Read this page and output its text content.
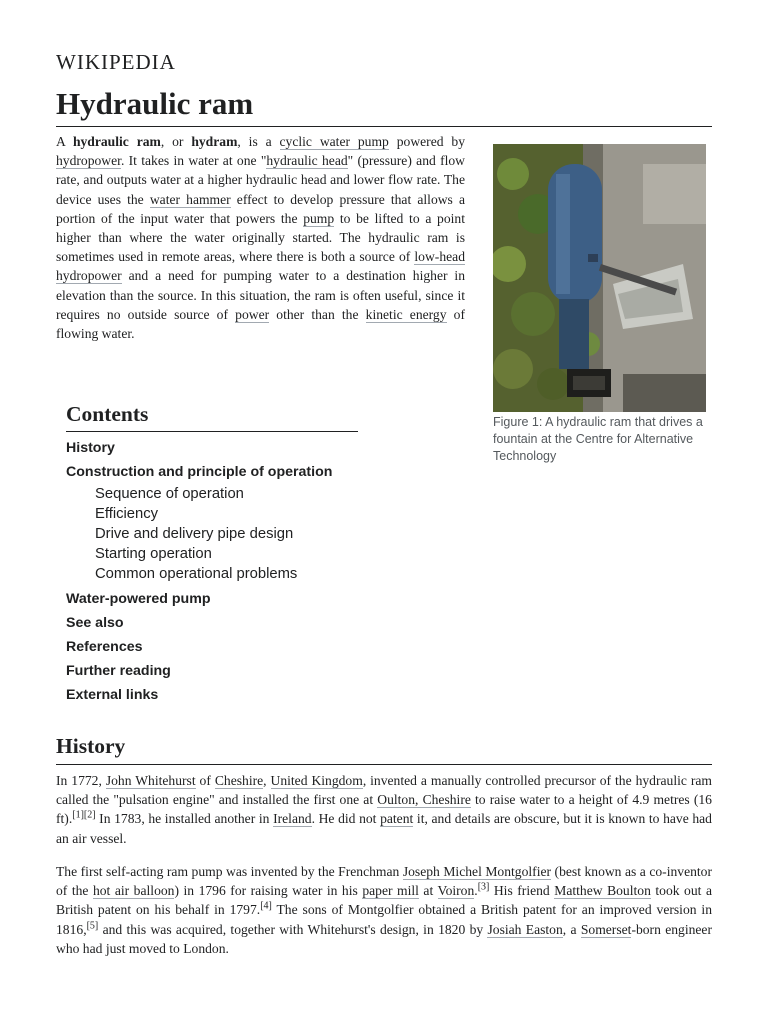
WIKIPEDIA
Hydraulic ram

A hydraulic ram, or hydram, is a cyclic water pump powered by hydropower. It takes in water at one "hydraulic head" (pressure) and flow rate, and outputs water at a higher hydraulic head and lower flow rate. The device uses the water hammer effect to develop pressure that allows a portion of the input water that powers the pump to be lifted to a point higher than where the water originally started. The hydraulic ram is sometimes used in remote areas, where there is both a source of low-head hydropower and a need for pumping water to a destination higher in elevation than the source. In this situation, the ram is often useful, since it requires no outside source of power other than the kinetic energy of flowing water.

Figure 1: A hydraulic ram that drives a fountain at the Centre for Alternative Technology
Contents
History
Construction and principle of operation
Sequence of operation
Efficiency
Drive and delivery pipe design
Starting operation
Common operational problems
Water-powered pump
See also
References
Further reading
External links
History

In 1772, John Whitehurst of Cheshire, United Kingdom, invented a manually controlled precursor of the hydraulic ram called the "pulsation engine" and installed the first one at Oulton, Cheshire to raise water to a height of 4.9 metres (16 ft).[1][2] In 1783, he installed another in Ireland. He did not patent it, and details are obscure, but it is known to have had an air vessel.

The first self-acting ram pump was invented by the Frenchman Joseph Michel Montgolfier (best known as a co-inventor of the hot air balloon) in 1796 for raising water in his paper mill at Voiron.[3] His friend Matthew Boulton took out a British patent on his behalf in 1797.[4] The sons of Montgolfier obtained a British patent for an improved version in 1816,[5] and this was acquired, together with Whitehurst's design, in 1820 by Josiah Easton, a Somerset-born engineer who had just moved to London.
